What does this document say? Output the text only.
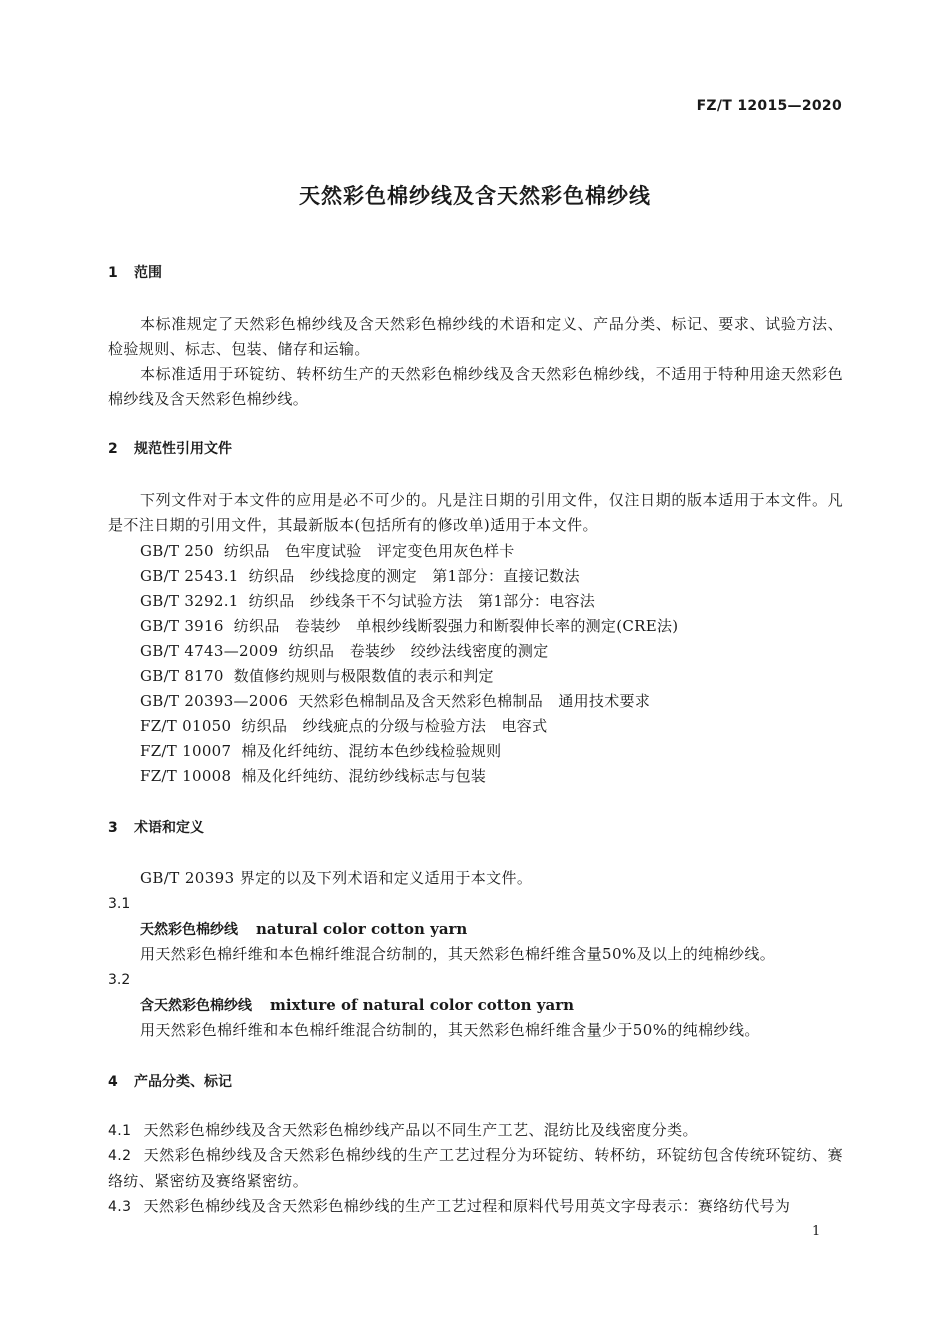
FZ/T 12015—2020
天然彩色棉纱线及含天然彩色棉纱线
1 范围
本标准规定了天然彩色棉纱线及含天然彩色棉纱线的术语和定义、产品分类、标记、要求、试验方法、检验规则、标志、包装、储存和运输。
本标准适用于环锭纺、转杯纺生产的天然彩色棉纱线及含天然彩色棉纱线，不适用于特种用途天然彩色棉纱线及含天然彩色棉纱线。
2 规范性引用文件
下列文件对于本文件的应用是必不可少的。凡是注日期的引用文件，仅注日期的版本适用于本文件。凡是不注日期的引用文件，其最新版本(包括所有的修改单)适用于本文件。
GB/T 250 纺织品　色牢度试验　评定变色用灰色样卡
GB/T 2543.1 纺织品　纱线捻度的测定　第1部分：直接记数法
GB/T 3292.1 纺织品　纱线条干不匀试验方法　第1部分：电容法
GB/T 3916 纺织品　卷装纱　单根纱线断裂强力和断裂伸长率的测定(CRE法)
GB/T 4743—2009 纺织品　卷装纱　绞纱法线密度的测定
GB/T 8170 数值修约规则与极限数值的表示和判定
GB/T 20393—2006 天然彩色棉制品及含天然彩色棉制品　通用技术要求
FZ/T 01050 纺织品　纱线疵点的分级与检验方法　电容式
FZ/T 10007 棉及化纤纯纺、混纺本色纱线检验规则
FZ/T 10008 棉及化纤纯纺、混纺纱线标志与包装
3 术语和定义
GB/T 20393 界定的以及下列术语和定义适用于本文件。
3.1
天然彩色棉纱线 natural color cotton yarn
用天然彩色棉纤维和本色棉纤维混合纺制的，其天然彩色棉纤维含量50%及以上的纯棉纱线。
3.2
含天然彩色棉纱线 mixture of natural color cotton yarn
用天然彩色棉纤维和本色棉纤维混合纺制的，其天然彩色棉纤维含量少于50%的纯棉纱线。
4 产品分类、标记
4.1 天然彩色棉纱线及含天然彩色棉纱线产品以不同生产工艺、混纺比及线密度分类。
4.2 天然彩色棉纱线及含天然彩色棉纱线的生产工艺过程分为环锭纺、转杯纺，环锭纺包含传统环锭纺、赛络纺、紧密纺及赛络紧密纺。
4.3 天然彩色棉纱线及含天然彩色棉纱线的生产工艺过程和原料代号用英文字母表示：赛络纺代号为
1
